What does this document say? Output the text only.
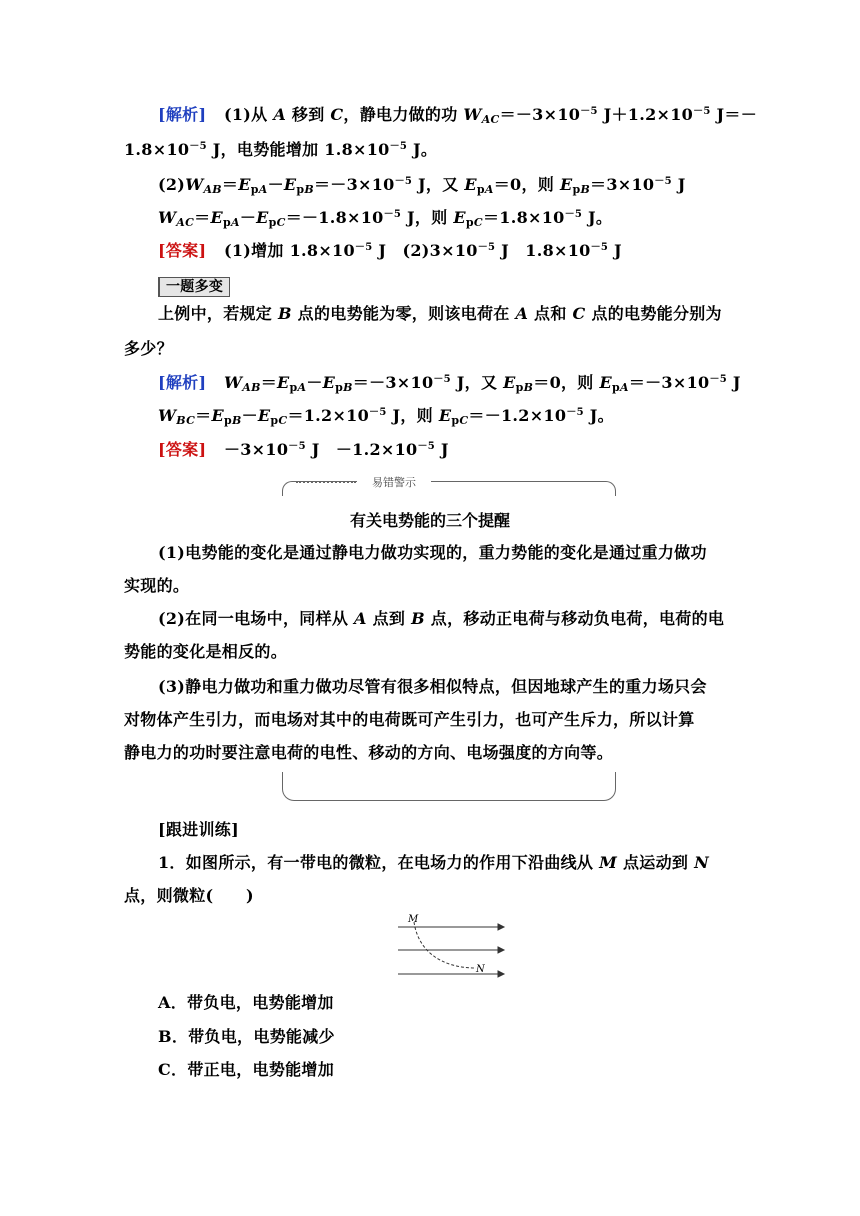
[解析]   (1)从 A 移到 C，静电力做的功 $W_{AC}=-3\times 10^{-5}$ $J+1.2\times 10^{-5}$ J＝－
$1.8\times 10^{-5}$ J，电势能增加 $1.8\times 10^{-5}$ J。
$(2)W_{AB}=E_{pA}-E_{pB}=-3\times 10^{-5}$ J，又 $E_{pA}=0$，则 $E_{pB}=3\times 10^{-5}$ J
$W_{AC}=E_{pA}-E_{pC}=-1.8\times 10^{-5}$ J，则 $E_{pC}=1.8\times 10^{-5}$ J。
[答案]   (1)增加 $1.8\times 10^{-5}$ J　$(2)3\times 10^{-5}$ J　$1.8\times 10^{-5}$ J
一题多变
上例中，若规定 B 点的电势能为零，则该电荷在 A 点和 C 点的电势能分别为
多少？
[解析] $W_{AB}=E_{pA}-E_{pB}=-3\times 10^{-5}$ J，又 $E_{pB}=0$，则 $E_{pA}=-3\times 10^{-5}$ J
$W_{BC}=E_{pB}-E_{pC}=1.2\times 10^{-5}$ J，则 $E_{pC}=-1.2\times 10^{-5}$ J。
[答案]   $-3\times 10^{-5}$ J　$-1.2\times 10^{-5}$ J
易错警示
有关电势能的三个提醒
(1)电势能的变化是通过静电力做功实现的，重力势能的变化是通过重力做功
实现的。
(2)在同一电场中，同样从 A 点到 B 点，移动正电荷与移动负电荷，电荷的电
势能的变化是相反的。
(3)静电力做功和重力做功尽管有很多相似特点，但因地球产生的重力场只会
对物体产生引力，而电场对其中的电荷既可产生引力，也可产生斥力，所以计算
静电力的功时要注意电荷的电性、移动的方向、电场强度的方向等。
[跟进训练]
1．如图所示，有一带电的微粒，在电场力的作用下沿曲线从 M 点运动到 N
点，则微粒(　　)
M
N
A．带负电，电势能增加
B．带负电，电势能减少
C．带正电，电势能增加
